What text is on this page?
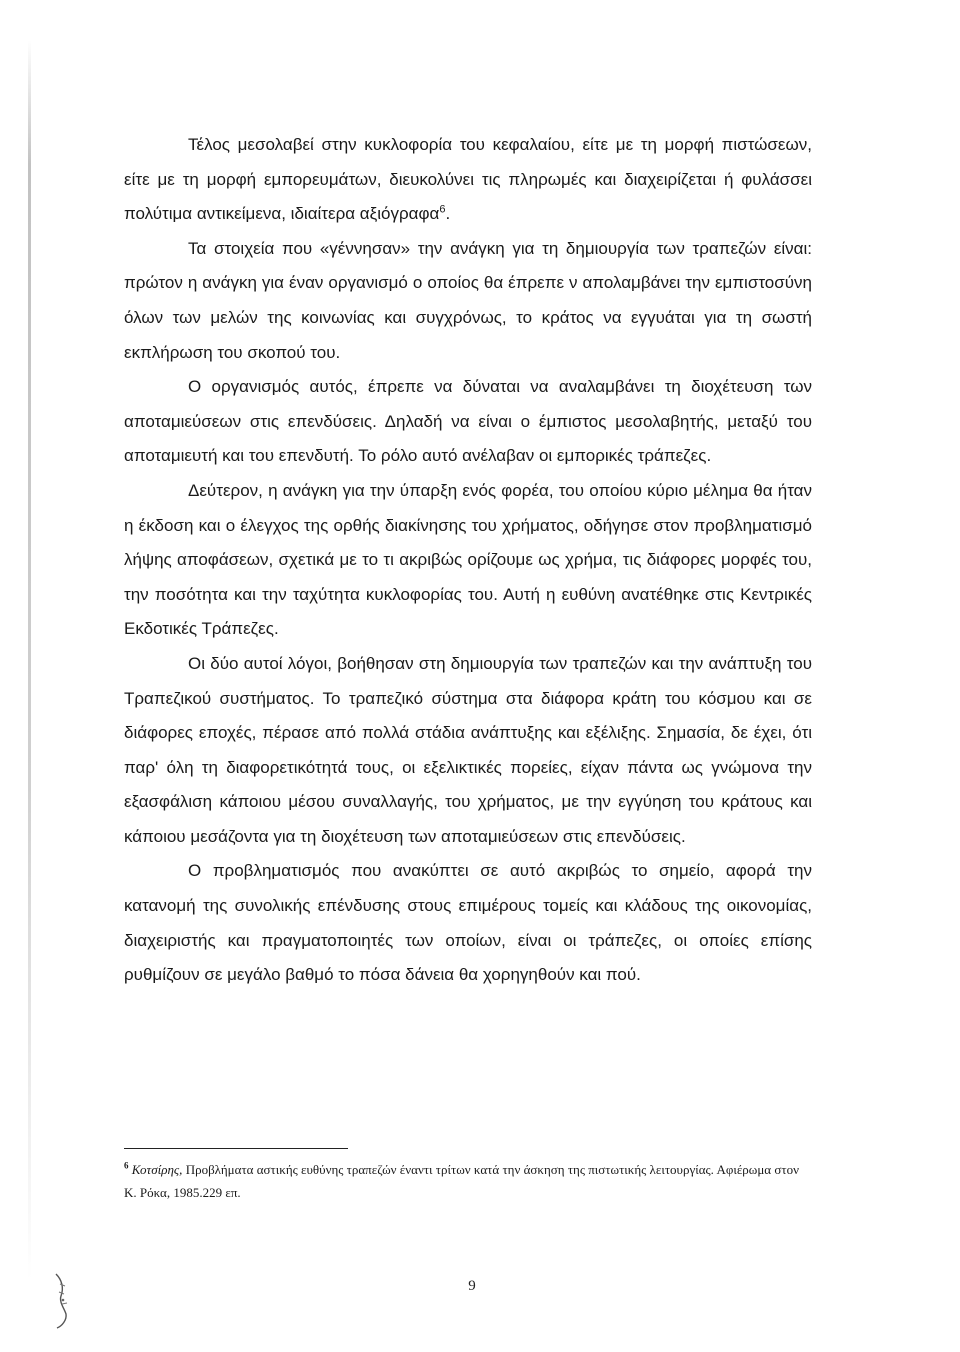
Τέλος μεσολαβεί στην κυκλοφορία του κεφαλαίου, είτε με τη μορφή πιστώσεων, είτε με τη μορφή εμπορευμάτων, διευκολύνει τις πληρωμές και διαχειρίζεται ή φυλάσσει πολύτιμα αντικείμενα, ιδιαίτερα αξιόγραφα$^6$.

Τα στοιχεία που «γέννησαν» την ανάγκη για τη δημιουργία των τραπεζών είναι: πρώτον η ανάγκη για έναν οργανισμό ο οποίος θα έπρεπε ν απολαμβάνει την εμπιστοσύνη όλων των μελών της κοινωνίας και συγχρόνως, το κράτος να εγγυάται για τη σωστή εκπλήρωση του σκοπού του.

Ο οργανισμός αυτός, έπρεπε να δύναται να αναλαμβάνει τη διοχέτευση των αποταμιεύσεων στις επενδύσεις. Δηλαδή να είναι ο έμπιστος μεσολαβητής, μεταξύ του αποταμιευτή και του επενδυτή. Το ρόλο αυτό ανέλαβαν οι εμπορικές τράπεζες.

Δεύτερον, η ανάγκη για την ύπαρξη ενός φορέα, του οποίου κύριο μέλημα θα ήταν η έκδοση και ο έλεγχος της ορθής διακίνησης του χρήματος, οδήγησε στον προβληματισμό λήψης αποφάσεων, σχετικά με το τι ακριβώς ορίζουμε ως χρήμα, τις διάφορες μορφές του, την ποσότητα και την ταχύτητα κυκλοφορίας του. Αυτή η ευθύνη ανατέθηκε στις Κεντρικές Εκδοτικές Τράπεζες.

Οι δύο αυτοί λόγοι, βοήθησαν στη δημιουργία των τραπεζών και την ανάπτυξη του Τραπεζικού συστήματος. Το τραπεζικό σύστημα στα διάφορα κράτη του κόσμου και σε διάφορες εποχές, πέρασε από πολλά στάδια ανάπτυξης και εξέλιξης. Σημασία, δε έχει, ότι παρ' όλη τη διαφορετικότητά τους, οι εξελικτικές πορείες, είχαν πάντα ως γνώμονα την εξασφάλιση κάποιου μέσου συναλλαγής, του χρήματος, με την εγγύηση του κράτους και κάποιου μεσάζοντα για τη διοχέτευση των αποταμιεύσεων στις επενδύσεις.

Ο προβληματισμός που ανακύπτει σε αυτό ακριβώς το σημείο, αφορά την κατανομή της συνολικής επένδυσης στους επιμέρους τομείς και κλάδους της οικονομίας, διαχειριστής και πραγματοποιητές των οποίων, είναι οι τράπεζες, οι οποίες επίσης ρυθμίζουν σε μεγάλο βαθμό το πόσα δάνεια θα χορηγηθούν και πού.

$^6$ Κοτσίρης, Προβλήματα αστικής ευθύνης τραπεζών έναντι τρίτων κατά την άσκηση της πιστωτικής λειτουργίας. Αφιέρωμα στον Κ. Ρόκα, 1985.229 επ.
9
